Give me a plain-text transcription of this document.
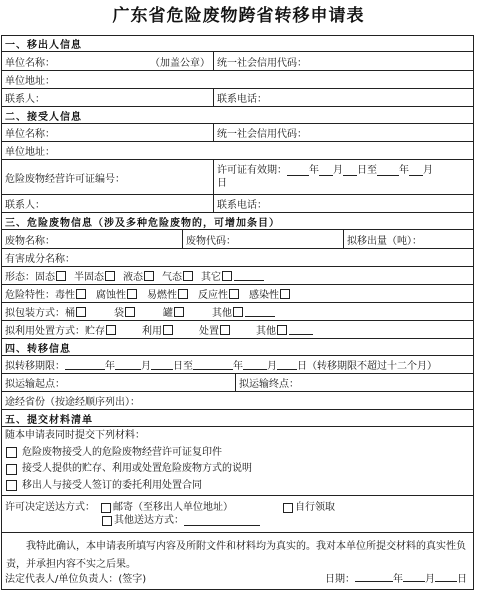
广东省危险废物跨省转移申请表
一、移出人信息
单位名称：	（加盖公章） 统一社会信用代码：
单位地址：
联系人：	联系电话：
二、接受人信息
单位名称：	统一社会信用代码：
单位地址：
危险废物经营许可证编号：
许可证有效期： 年 月 日至 年 月
日
联系人：	联系电话：
三、危险废物信息（涉及多种危险废物的，可增加条目）
废物名称：	废物代码：	拟移出量（吨）：
有害成分名称：
形态： 固态 半固态 液态 气态 其它
危险特性： 毒性 腐蚀性 易燃性 反应性 感染性
拟包装方式： 桶	袋	罐	其他
拟利用处置方式： 贮存	利用	处置	其他
四、转移信息
拟转移期限：	年	月 日至	年 月 日 （转移期限不超过十二个月）
拟运输起点：	拟运输终点：
途经省份（按途经顺序列出）：
五、提交材料清单
随本申请表同时提交下列材料：
危险废物接受人的危险废物经营许可证复印件
接受人提供的贮存、利用或处置危险废物方式的说明
移出人与接受人签订的委托利用处置合同
许可决定送达方式： 邮寄（至移出人单位地址）	自行领取
其他送达方式：
我特此确认，本申请表所填写内容及所附文件和材料均为真实的。我对本单位所提交材料的真实性负责，并承担内容不实之后果。
法定代表人/单位负责人：(签字)	日期：	年 月 日
